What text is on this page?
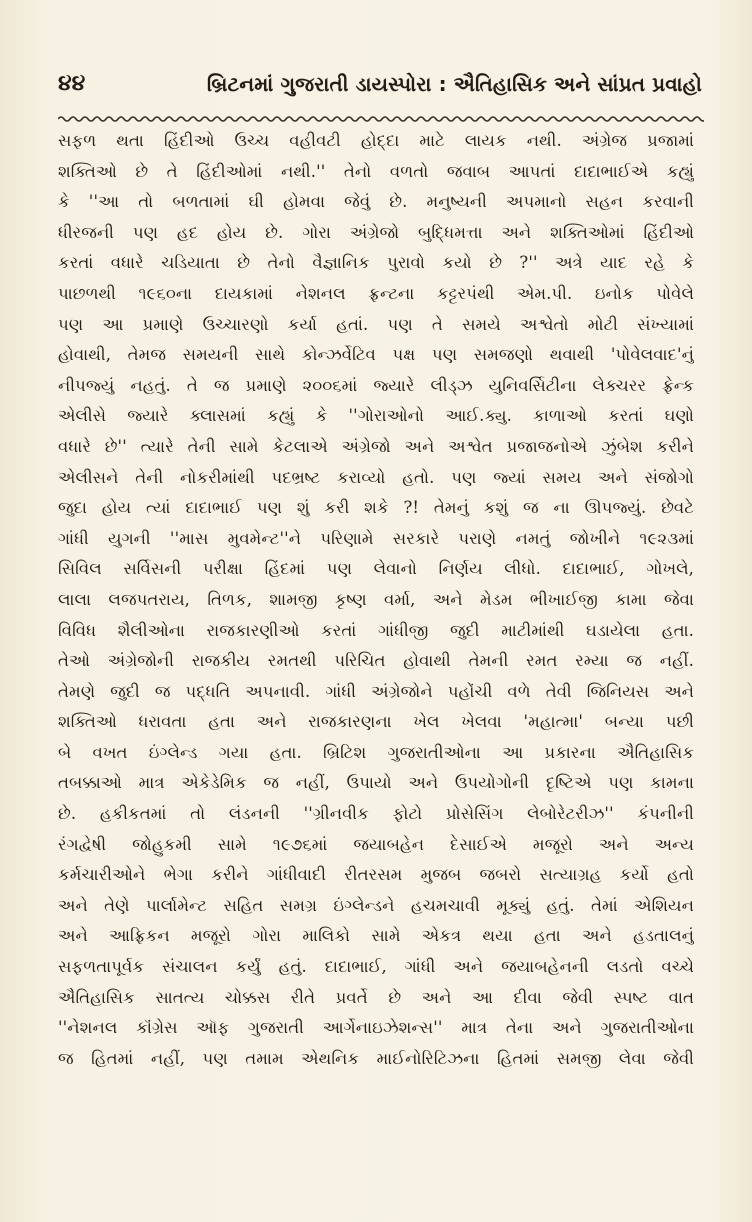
૪૪	બ્રિટનમાં ગુજરાતી ડાયસ્પોરા : ઐતિહાસિક અને સાંપ્રત પ્રવાહો
સફળ થતા હિંદીઓ ઉચ્ચ વહીવટી હોદ્દા માટે લાયક નથી. અંગ્રેજ પ્રજામાં
શક્તિઓ છે તે હિંદીઓમાં નથી.'' તેનો વળતો જવાબ આપતાં દાદાભાઈએ કહ્યું
કે ''આ તો બળતામાં ઘી હોમવા જેવું છે. મનુષ્યની અપમાનો સહન કરવાની
ધીરજની પણ હદ હોય છે. ગોરા અંગ્રેજો બુદ્ધિમત્તા અને શક્તિઓમાં હિંદીઓ
કરતાં વધારે ચડિયાતા છે તેનો વૈજ્ઞાનિક પુરાવો કયો છે ?'' અત્રે યાદ રહે કે
પાછળથી ૧૯૬૦ના દાયકામાં નેશનલ ફ્રન્ટના કટ્ટરપંથી એમ.પી. ઇનોક પોવેલે
પણ આ પ્રમાણે ઉચ્ચારણો કર્યા હતાં. પણ તે સમયે અશ્વેતો મોટી સંખ્યામાં
હોવાથી, તેમજ સમયની સાથે કોન્ઝર્વેટિવ પક્ષ પણ સમજણો થવાથી 'પોવેલવાદ'નું
નીપજ્યું નહતું. તે જ પ્રમાણે ૨૦૦૬માં જ્યારે લીડ્ઝ યુનિવર્સિટીના લેક્ચરર ફ્રેન્ક
એલીસે જ્યારે ક્લાસમાં કહ્યું કે ''ગોરાઓનો આઈ.ક્યુ. કાળાઓ કરતાં ઘણો
વધારે છે'' ત્યારે તેની સામે કેટલાએ અંગ્રેજો અને અશ્વેત પ્રજાજનોએ ઝુંબેશ કરીને
એલીસને તેની નોકરીમાંથી પદભ્રષ્ટ કરાવ્યો હતો. પણ જ્યાં સમય અને સંજોગો
જુદા હોય ત્યાં દાદાભાઈ પણ શું કરી શકે ?! તેમનું કશું જ ના ઊપજ્યું. છેવટે
ગાંધી યુગની ''માસ મુવમેન્ટ''ને પરિણામે સરકારે પરાણે નમતું જોખીને ૧૯૨૩માં
સિવિલ સર્વિસની પરીક્ષા હિંદમાં પણ લેવાનો નિર્ણય લીધો. દાદાભાઈ, ગોખલે,
લાલા લજપતરાય, તિળક, શામજી કૃષ્ણ વર્મા, અને મેડમ ભીખાઈજી કામા જેવા
વિવિધ શૈલીઓના રાજકારણીઓ કરતાં ગાંધીજી જુદી માટીમાંથી ઘડાયેલા હતા.
તેઓ અંગ્રેજોની રાજકીય રમતથી પરિચિત હોવાથી તેમની રમત રમ્યા જ નહીં.
તેમણે જુદી જ પદ્ધતિ અપનાવી. ગાંધી અંગ્રેજોને પહોંચી વળે તેવી જિનિયસ અને
શક્તિઓ ધરાવતા હતા અને રાજકારણના ખેલ ખેલવા 'મહાત્મા' બન્યા પછી
બે વખત ઇંગ્લેન્ડ ગયા હતા. બ્રિટિશ ગુજરાતીઓના આ પ્રકારના ઐતિહાસિક
તબક્કાઓ માત્ર એકેડેમિક જ નહીં, ઉપાયો અને ઉપયોગોની દૃષ્ટિએ પણ કામના
છે. હકીકતમાં તો લંડનની ''ગ્રીનવીક ફોટો પ્રોસેસિંગ લેબોરેટરીઝ'' કંપનીની
રંગદ્વેષી જોહુકમી સામે ૧૯૭૬માં જયાબહેન દેસાઈએ મજૂરો અને અન્ય
કર્મચારીઓને ભેગા કરીને ગાંધીવાદી રીતરસમ મુજબ જબરો સત્યાગ્રહ કર્યો હતો
અને તેણે પાર્લામેન્ટ સહિત સમગ્ર ઇંગ્લેન્ડને હચમચાવી મૂક્યું હતું. તેમાં એશિયન
અને આફ્રિકન મજૂરો ગોરા માલિકો સામે એકત્ર થયા હતા અને હડતાલનું
સફળતાપૂર્વક સંચાલન કર્યું હતું. દાદાભાઈ, ગાંધી અને જયાબહેનની લડતો વચ્ચે
ઐતિહાસિક સાતત્ય ચોક્કસ રીતે પ્રવર્તે છે અને આ દીવા જેવી સ્પષ્ટ વાત
''નેશનલ કૉંગ્રેસ ઑફ ગુજરાતી આર્ગેનાઇઝેશન્સ'' માત્ર તેના અને ગુજરાતીઓના
જ હિતમાં નહીં, પણ તમામ એથનિક માઈનોરિટિઝના હિતમાં સમજી લેવા જેવી
